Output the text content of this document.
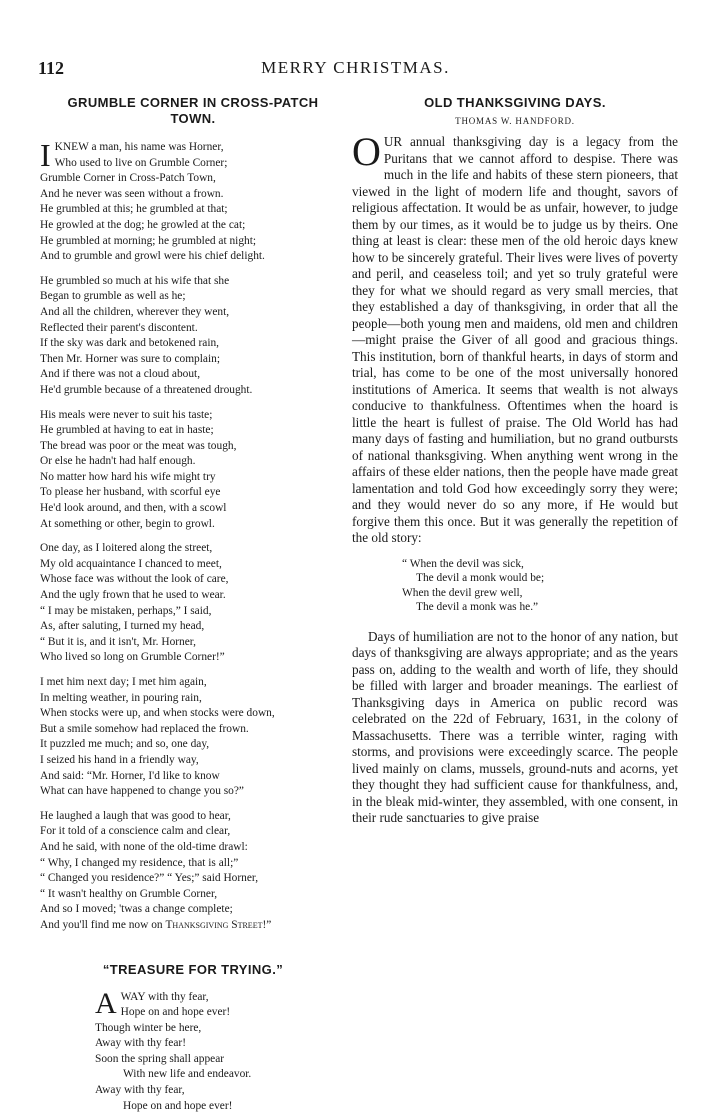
112	MERRY CHRISTMAS.

GRUMBLE CORNER IN CROSS-PATCH
TOWN.

I KNEW a man, his name was Horner,
Who used to live on Grumble Corner;
Grumble Corner in Cross-Patch Town,
And he never was seen without a frown.
He grumbled at this; he grumbled at that;
He growled at the dog; he growled at the cat;
He grumbled at morning; he grumbled at night;
And to grumble and growl were his chief delight.
He grumbled so much at his wife that she
Began to grumble as well as he;
And all the children, wherever they went,
Reflected their parent's discontent.
If the sky was dark and betokened rain,
Then Mr. Horner was sure to complain;
And if there was not a cloud about,
He'd grumble because of a threatened drought.
His meals were never to suit his taste;
He grumbled at having to eat in haste;
The bread was poor or the meat was tough,
Or else he hadn't had half enough.
No matter how hard his wife might try
To please her husband, with scorful eye
He'd look around, and then, with a scowl
At something or other, begin to growl.
One day, as I loitered along the street,
My old acquaintance I chanced to meet,
Whose face was without the look of care,
And the ugly frown that he used to wear.
“ I may be mistaken, perhaps,” I said,
As, after saluting, I turned my head,
“ But it is, and it isn't, Mr. Horner,
Who lived so long on Grumble Corner!”
I met him next day; I met him again,
In melting weather, in pouring rain,
When stocks were up, and when stocks were down,
But a smile somehow had replaced the frown.
It puzzled me much; and so, one day,
I seized his hand in a friendly way,
And said: “Mr. Horner, I'd like to know
What can have happened to change you so?”
He laughed a laugh that was good to hear,
For it told of a conscience calm and clear,
And he said, with none of the old-time drawl:
“ Why, I changed my residence, that is all;”
“ Changed you residence?” “ Yes;” said Horner,
“ It wasn't healthy on Grumble Corner,
And so I moved; 'twas a change complete;
And you'll find me now on Thanksgiving Street!”

“TREASURE FOR TRYING.”

A WAY with thy fear,
Hope on and hope ever!
Though winter be here,
Away with thy fear!
Soon the spring shall appear
With new life and endeavor.
Away with thy fear,
Hope on and hope ever!

OLD THANKSGIVING DAYS.

THOMAS W. HANDFORD.
OUR annual thanksgiving day is a legacy from the Puritans that we cannot afford to despise. There was much in the life and habits of these stern pioneers, that viewed in the light of modern life and thought, savors of religious affectation. It would be as unfair, however, to judge them by our times, as it would be to judge us by theirs. One thing at least is clear: these men of the old heroic days knew how to be sincerely grateful. Their lives were lives of poverty and peril, and ceaseless toil; and yet so truly grateful were they for what we should regard as very small mercies, that they established a day of thanksgiving, in order that all the people—both young men and maidens, old men and children—might praise the Giver of all good and gracious things. This institution, born of thankful hearts, in days of storm and trial, has come to be one of the most universally honored institutions of America. It seems that wealth is not always conducive to thankfulness. Oftentimes when the hoard is little the heart is fullest of praise. The Old World has had many days of fasting and humiliation, but no grand outbursts of national thanksgiving. When anything went wrong in the affairs of these elder nations, then the people have made great lamentation and told God how exceedingly sorry they were; and they would never do so any more, if He would but forgive them this once. But it was generally the repetition of the old story:
“ When the devil was sick,
The devil a monk would be;
When the devil grew well,
The devil a monk was he.”
Days of humiliation are not to the honor of any nation, but days of thanksgiving are always appropriate; and as the years pass on, adding to the wealth and worth of life, they should be filled with larger and broader meanings. The earliest of Thanksgiving days in America on public record was celebrated on the 22d of February, 1631, in the colony of Massachusetts. There was a terrible winter, raging with storms, and provisions were exceedingly scarce. The people lived mainly on clams, mussels, ground-nuts and acorns, yet they thought they had sufficient cause for thankfulness, and, in the bleak mid-winter, they assembled, with one consent, in their rude sanctuaries to give praise
